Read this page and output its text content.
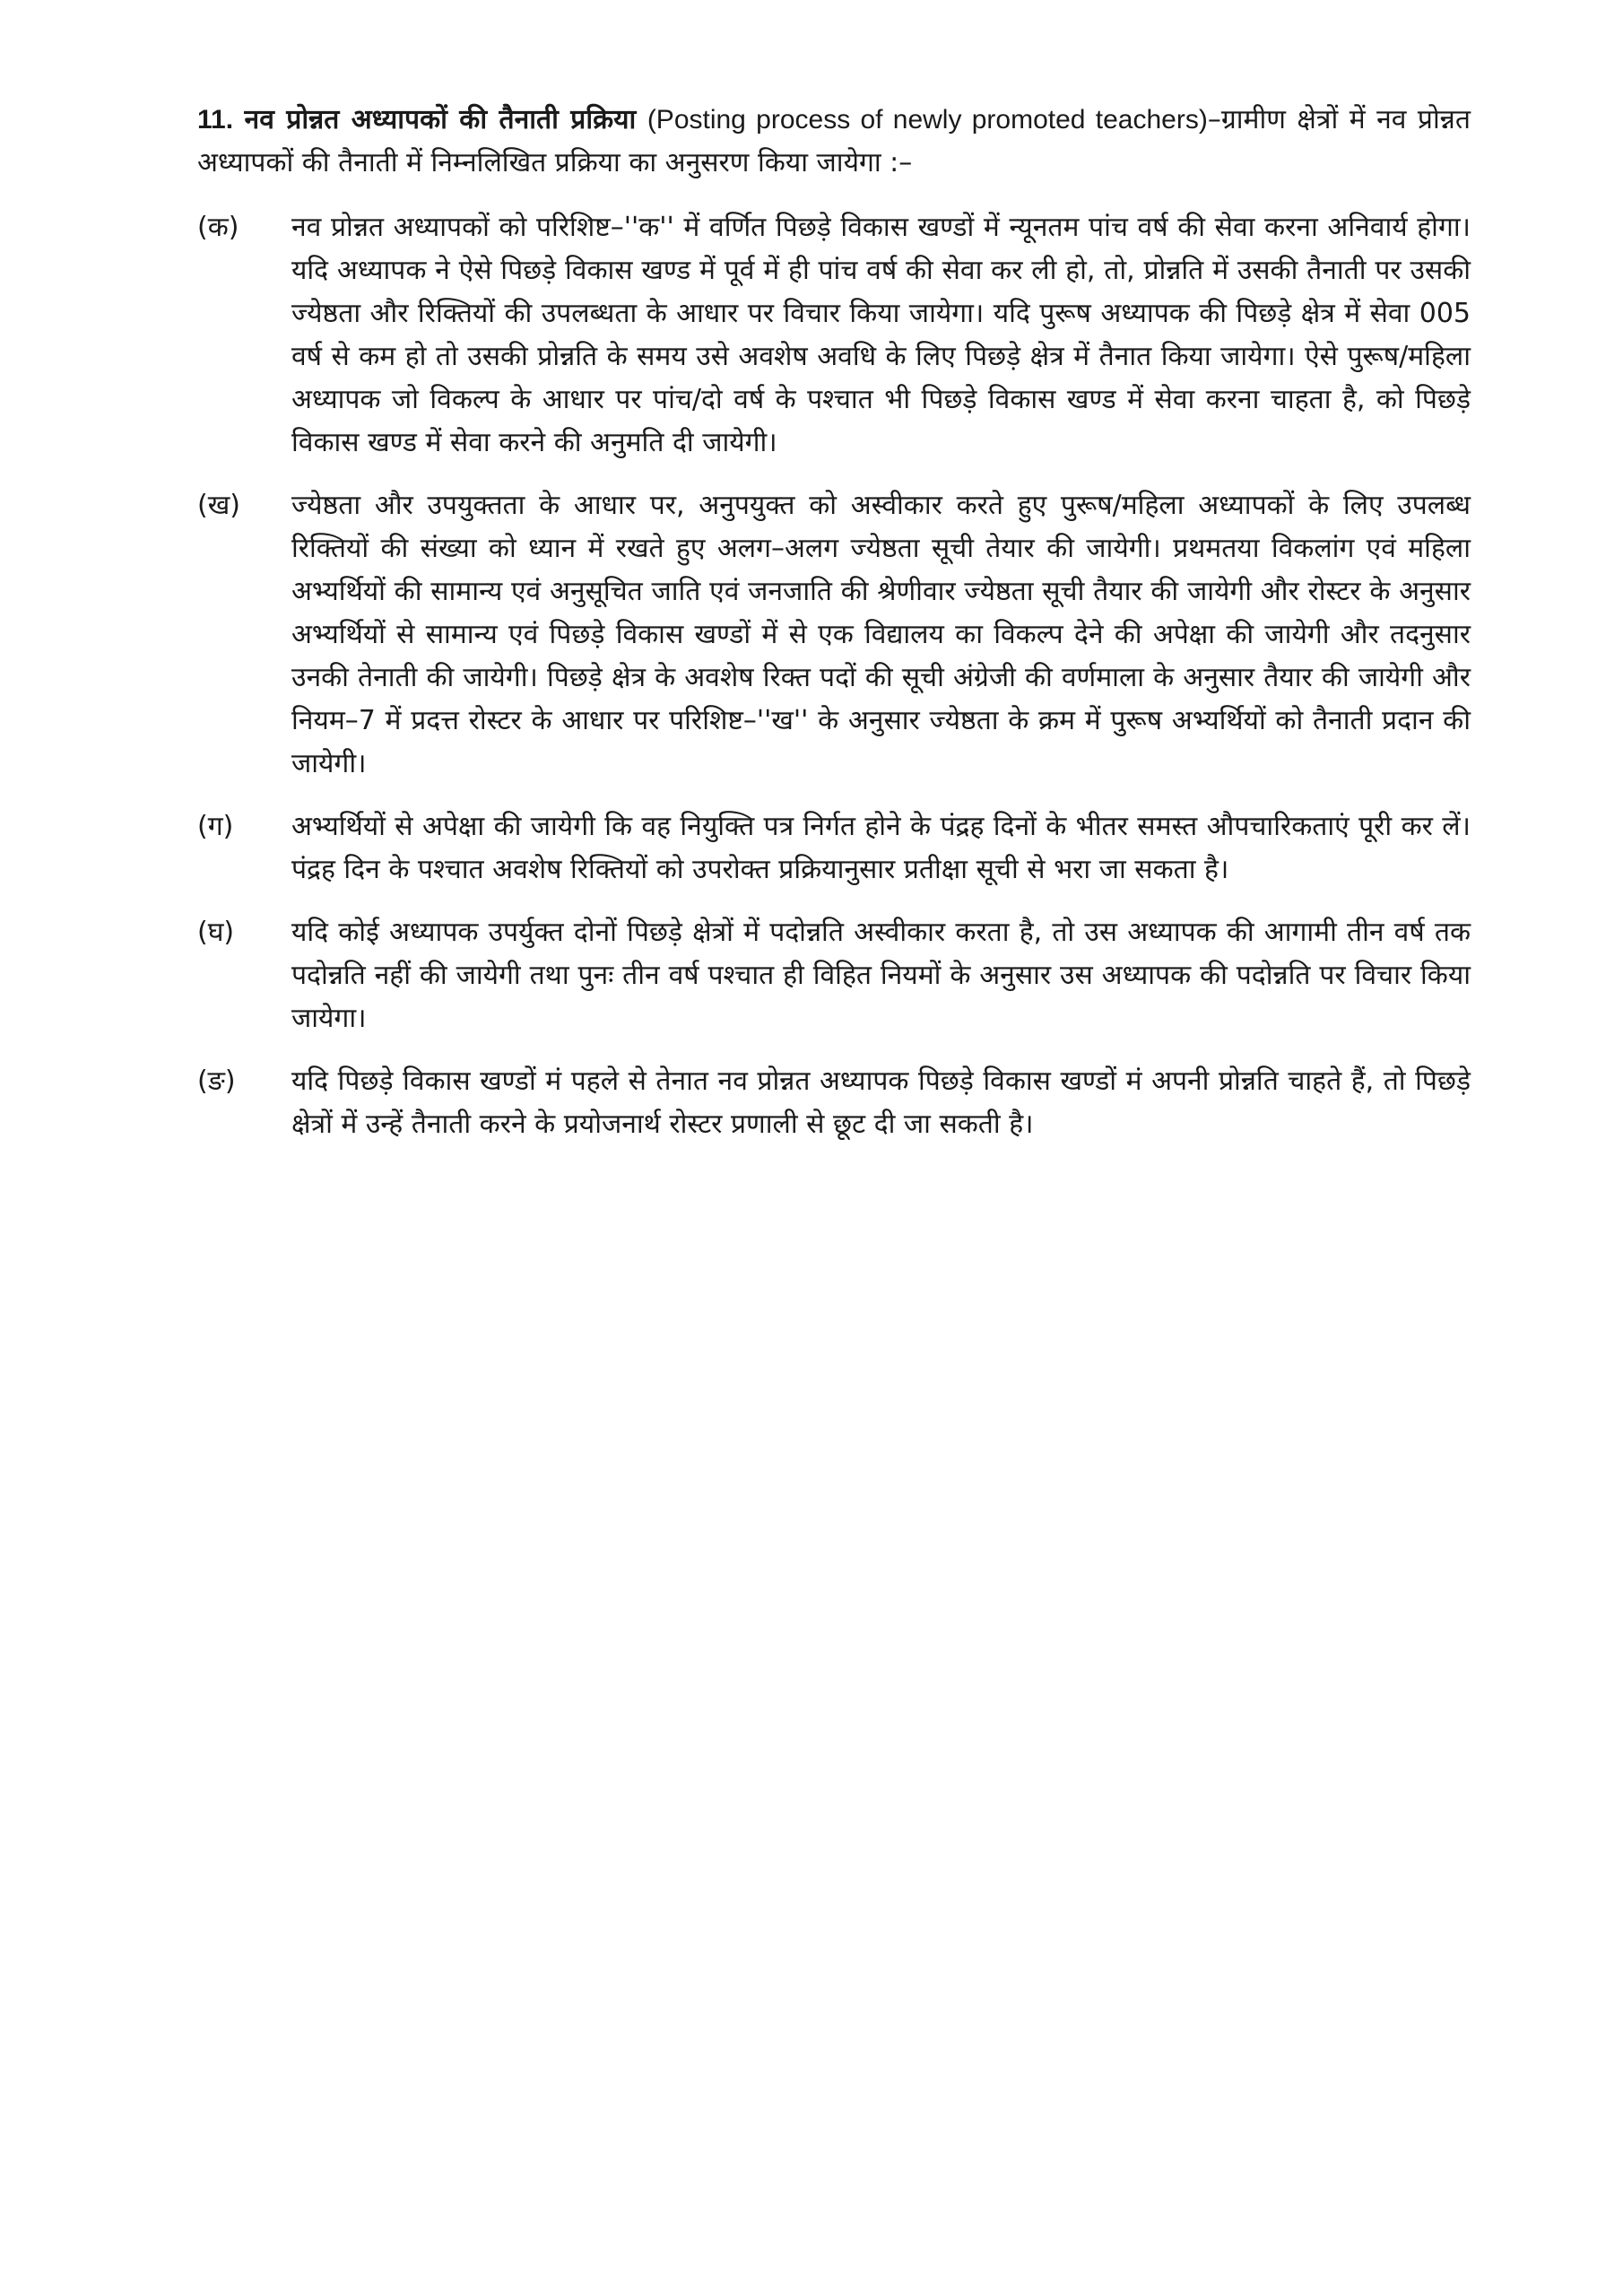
11. नव प्रोन्नत अध्यापकों की तैनाती प्रक्रिया (Posting process of newly promoted teachers)–ग्रामीण क्षेत्रों में नव प्रोन्नत अध्यापकों की तैनाती में निम्नलिखित प्रक्रिया का अनुसरण किया जायेगा :–

(क) नव प्रोन्नत अध्यापकों को परिशिष्ट–''क'' में वर्णित पिछड़े विकास खण्डों में न्यूनतम पांच वर्ष की सेवा करना अनिवार्य होगा। यदि अध्यापक ने ऐसे पिछड़े विकास खण्ड में पूर्व में ही पांच वर्ष की सेवा कर ली हो, तो, प्रोन्नति में उसकी तैनाती पर उसकी ज्येष्ठता और रिक्तियों की उपलब्धता के आधार पर विचार किया जायेगा। यदि पुरूष अध्यापक की पिछड़े क्षेत्र में सेवा 005 वर्ष से कम हो तो उसकी प्रोन्नति के समय उसे अवशेष अवधि के लिए पिछड़े क्षेत्र में तैनात किया जायेगा। ऐसे पुरूष/महिला अध्यापक जो विकल्प के आधार पर पांच/दो वर्ष के पश्चात भी पिछड़े विकास खण्ड में सेवा करना चाहता है, को पिछड़े विकास खण्ड में सेवा करने की अनुमति दी जायेगी।
(ख) ज्येष्ठता और उपयुक्तता के आधार पर, अनुपयुक्त को अस्वीकार करते हुए पुरूष/महिला अध्यापकों के लिए उपलब्ध रिक्तियों की संख्या को ध्यान में रखते हुए अलग–अलग ज्येष्ठता सूची तेयार की जायेगी। प्रथमतया विकलांग एवं महिला अभ्यर्थियों की सामान्य एवं अनुसूचित जाति एवं जनजाति की श्रेणीवार ज्येष्ठता सूची तैयार की जायेगी और रोस्टर के अनुसार अभ्यर्थियों से सामान्य एवं पिछड़े विकास खण्डों में से एक विद्यालय का विकल्प देने की अपेक्षा की जायेगी और तदनुसार उनकी तेनाती की जायेगी। पिछड़े क्षेत्र के अवशेष रिक्त पदों की सूची अंग्रेजी की वर्णमाला के अनुसार तैयार की जायेगी और नियम–7 में प्रदत्त रोस्टर के आधार पर परिशिष्ट–''ख'' के अनुसार ज्येष्ठता के क्रम में पुरूष अभ्यर्थियों को तैनाती प्रदान की जायेगी।
(ग) अभ्यर्थियों से अपेक्षा की जायेगी कि वह नियुक्ति पत्र निर्गत होने के पंद्रह दिनों के भीतर समस्त औपचारिकताएं पूरी कर लें। पंद्रह दिन के पश्चात अवशेष रिक्तियों को उपरोक्त प्रक्रियानुसार प्रतीक्षा सूची से भरा जा सकता है।
(घ) यदि कोई अध्यापक उपर्युक्त दोनों पिछड़े क्षेत्रों में पदोन्नति अस्वीकार करता है, तो उस अध्यापक की आगामी तीन वर्ष तक पदोन्नति नहीं की जायेगी तथा पुनः तीन वर्ष पश्चात ही विहित नियमों के अनुसार उस अध्यापक की पदोन्नति पर विचार किया जायेगा।
(ङ) यदि पिछड़े विकास खण्डों मं पहले से तेनात नव प्रोन्नत अध्यापक पिछड़े विकास खण्डों मं अपनी प्रोन्नति चाहते हैं, तो पिछड़े क्षेत्रों में उन्हें तैनाती करने के प्रयोजनार्थ रोस्टर प्रणाली से छूट दी जा सकती है।
